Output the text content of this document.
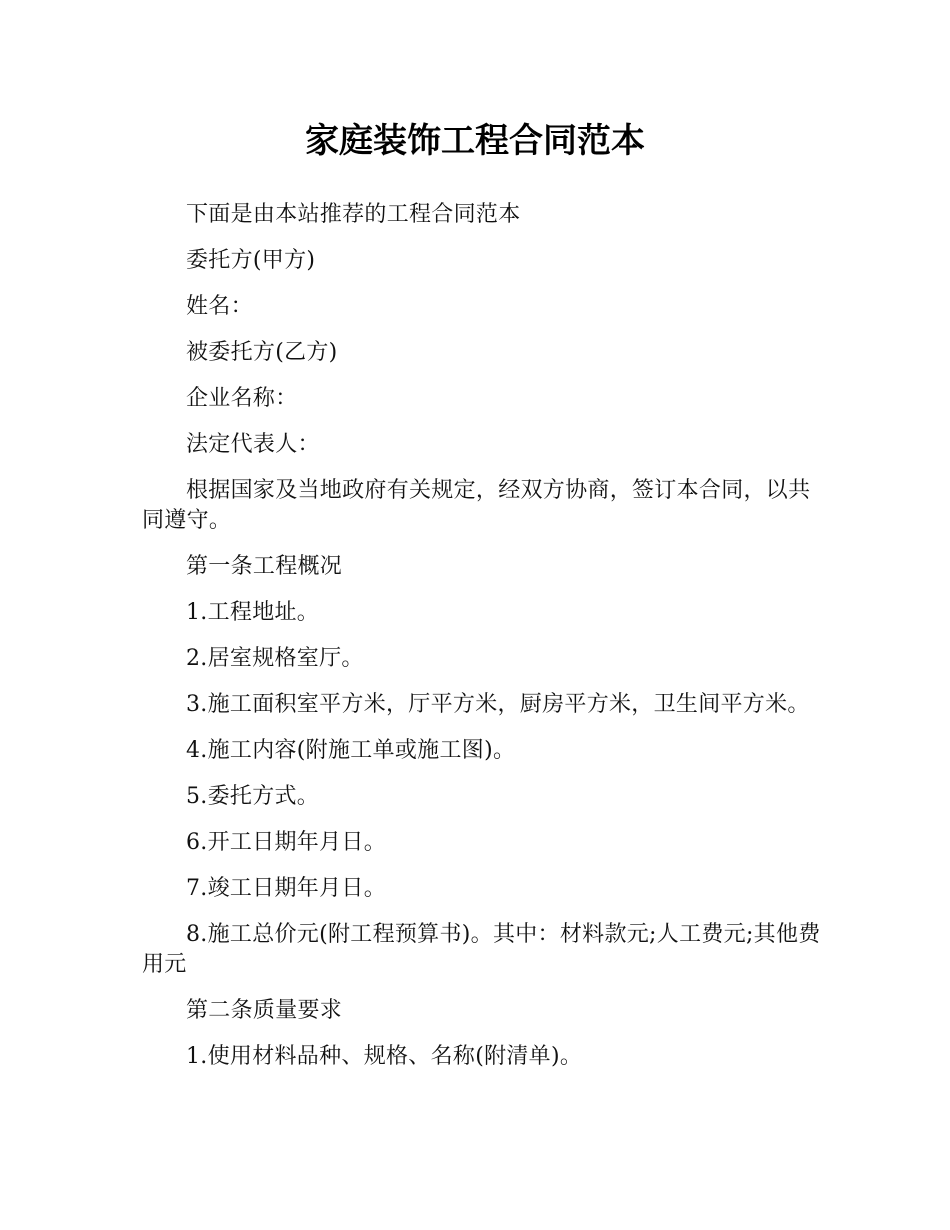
家庭装饰工程合同范本

下面是由本站推荐的工程合同范本

委托方(甲方)

姓名：

被委托方(乙方)

企业名称：

法定代表人：

根据国家及当地政府有关规定，经双方协商，签订本合同，以共同遵守。

第一条工程概况

1.工程地址。

2.居室规格室厅。

3.施工面积室平方米，厅平方米，厨房平方米，卫生间平方米。

4.施工内容(附施工单或施工图)。

5.委托方式。

6.开工日期年月日。

7.竣工日期年月日。

8.施工总价元(附工程预算书)。其中：材料款元;人工费元;其他费用元

第二条质量要求

1.使用材料品种、规格、名称(附清单)。
